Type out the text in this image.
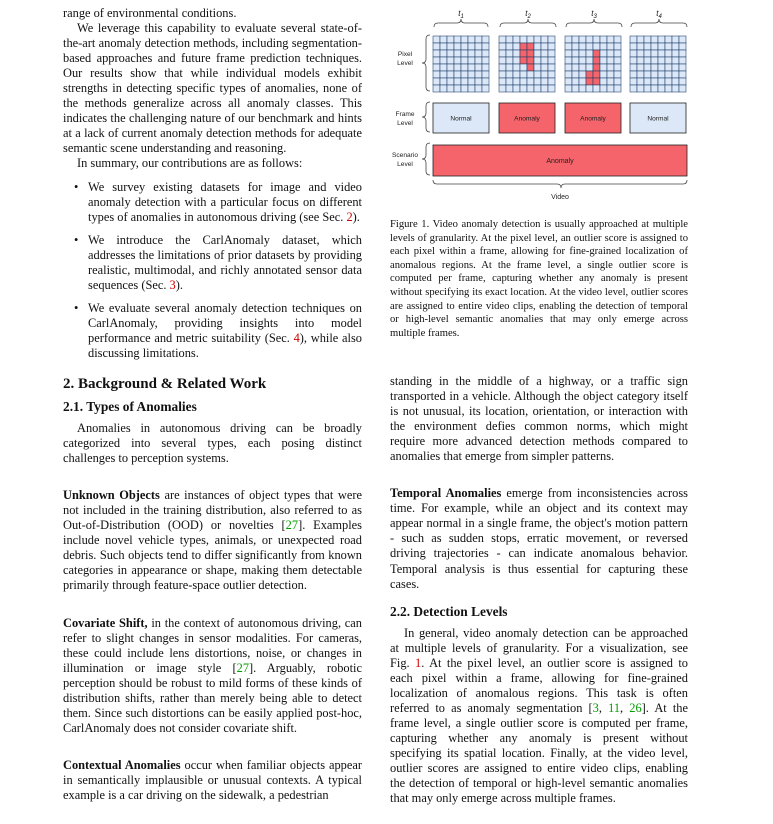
range of environmental conditions.

We leverage this capability to evaluate several state-of-the-art anomaly detection methods, including segmentation-based approaches and future frame prediction techniques. Our results show that while individual models exhibit strengths in detecting specific types of anomalies, none of the methods generalize across all anomaly classes. This indicates the challenging nature of our benchmark and hints at a lack of current anomaly detection methods for adequate semantic scene understanding and reasoning.

In summary, our contributions are as follows:

• We survey existing datasets for image and video anomaly detection with a particular focus on different types of anomalies in autonomous driving (see Sec. 2).
• We introduce the CarlAnomaly dataset, which addresses the limitations of prior datasets by providing realistic, multimodal, and richly annotated sensor data sequences (Sec. 3).
• We evaluate several anomaly detection techniques on CarlAnomaly, providing insights into model performance and metric suitability (Sec. 4), while also discussing limitations.
2. Background & Related Work
2.1. Types of Anomalies

Anomalies in autonomous driving can be broadly categorized into several types, each posing distinct challenges to perception systems.

Unknown Objects are instances of object types that were not included in the training distribution, also referred to as Out-of-Distribution (OOD) or novelties [27]. Examples include novel vehicle types, animals, or unexpected road debris. Such objects tend to differ significantly from known categories in appearance or shape, making them detectable primarily through feature-space outlier detection.

Covariate Shift, in the context of autonomous driving, can refer to slight changes in sensor modalities. For cameras, these could include lens distortions, noise, or changes in illumination or image style [27]. Arguably, robotic perception should be robust to mild forms of these kinds of distribution shifts, rather than merely being able to detect them. Since such distortions can be easily applied post-hoc, CarlAnomaly does not consider covariate shift.

Contextual Anomalies occur when familiar objects appear in semantically implausible or unusual contexts. A typical example is a car driving on the sidewalk, a pedestrian

$t_1$	$t_2$	$t_3$	$t_4$
Pixel
Level
Frame
Level
Scenario
Level
Normal	Anomaly	Anomaly	Normal
Anomaly
Video

Figure 1. Video anomaly detection is usually approached at multiple levels of granularity. At the pixel level, an outlier score is assigned to each pixel within a frame, allowing for fine-grained localization of anomalous regions. At the frame level, a single outlier score is computed per frame, capturing whether any anomaly is present without specifying its exact location. At the video level, outlier scores are assigned to entire video clips, enabling the detection of temporal or high-level semantic anomalies that may only emerge across multiple frames.

standing in the middle of a highway, or a traffic sign transported in a vehicle. Although the object category itself is not unusual, its location, orientation, or interaction with the environment defies common norms, which might require more advanced detection methods compared to anomalies that emerge from simpler patterns.

Temporal Anomalies emerge from inconsistencies across time. For example, while an object and its context may appear normal in a single frame, the object's motion pattern - such as sudden stops, erratic movement, or reversed driving trajectories - can indicate anomalous behavior. Temporal analysis is thus essential for capturing these cases.

2.2. Detection Levels

In general, video anomaly detection can be approached at multiple levels of granularity. For a visualization, see Fig. 1. At the pixel level, an outlier score is assigned to each pixel within a frame, allowing for fine-grained localization of anomalous regions. This task is often referred to as anomaly segmentation [3, 11, 26]. At the frame level, a single outlier score is computed per frame, capturing whether any anomaly is present without specifying its spatial location. Finally, at the video level, outlier scores are assigned to entire video clips, enabling the detection of temporal or high-level semantic anomalies that may only emerge across multiple frames.
